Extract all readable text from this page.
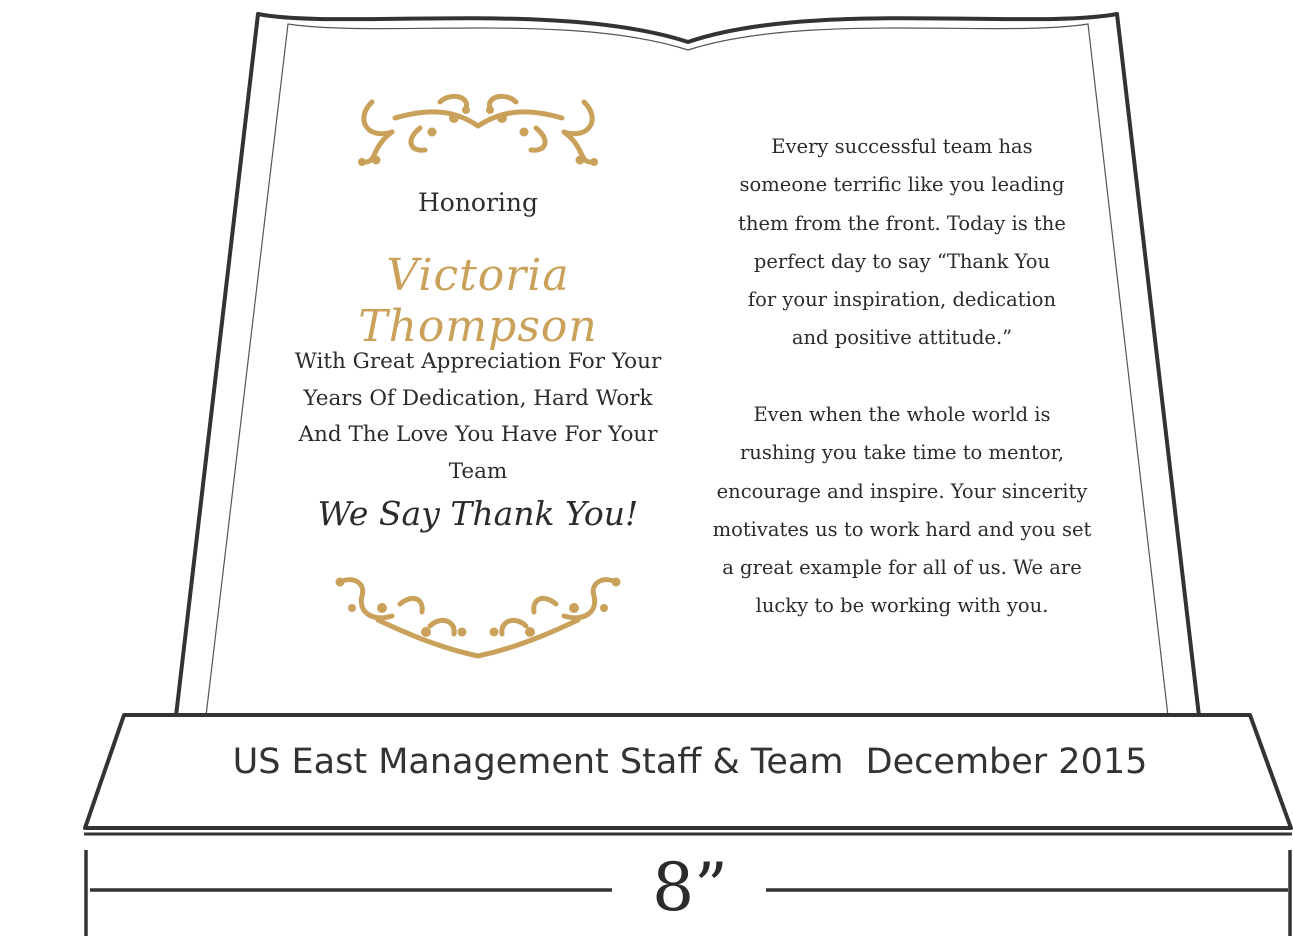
Honoring
Victoria Thompson
With Great Appreciation For Your
Years Of Dedication, Hard Work
And The Love You Have For Your Team
We Say Thank You!
Every successful team has
someone terrific like you leading
them from the front. Today is the
perfect day to say “Thank You
for your inspiration, dedication
and positive attitude.”
Even when the whole world is
rushing you take time to mentor,
encourage and inspire. Your sincerity
motivates us to work hard and you set
a great example for all of us. We are
lucky to be working with you.
US East Management Staff & Team  December 2015
8”
